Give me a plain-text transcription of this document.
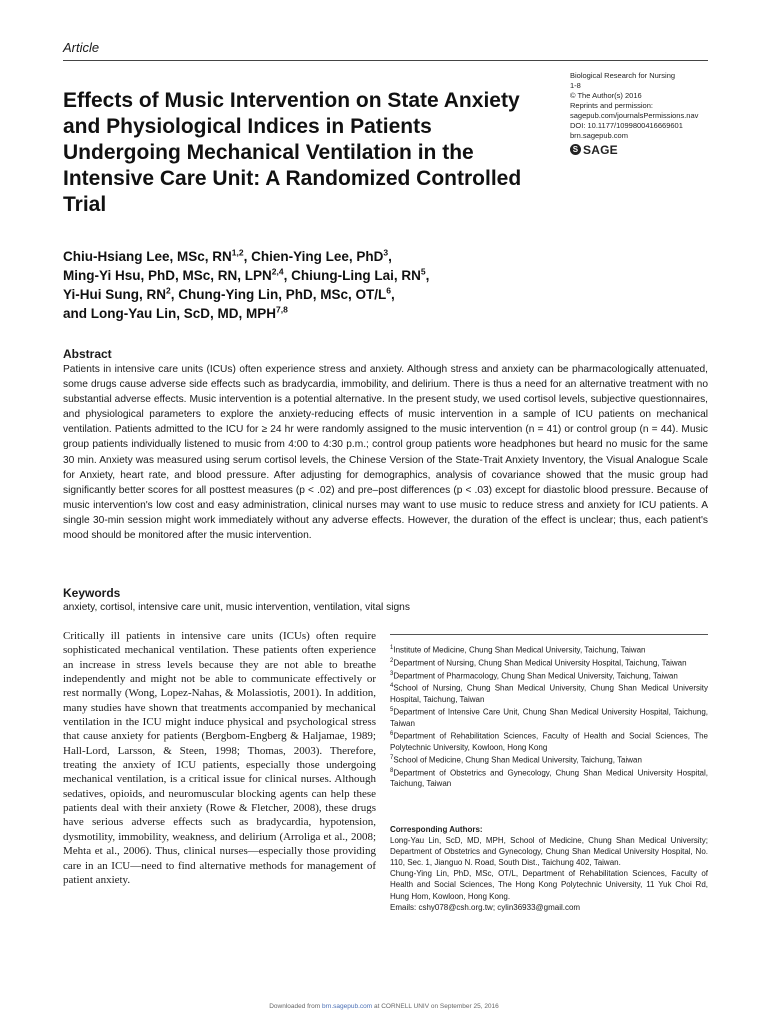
Article
Effects of Music Intervention on State Anxiety and Physiological Indices in Patients Undergoing Mechanical Ventilation in the Intensive Care Unit: A Randomized Controlled Trial
Biological Research for Nursing
1-8
© The Author(s) 2016
Reprints and permission:
sagepub.com/journalsPermissions.nav
DOI: 10.1177/1099800416669601
brn.sagepub.com
S SAGE
Chiu-Hsiang Lee, MSc, RN$^{1,2}$, Chien-Ying Lee, PhD$^3$,
Ming-Yi Hsu, PhD, MSc, RN, LPN$^{2,4}$, Chiung-Ling Lai, $RN^5$,
Yi-Hui Sung, $RN^2$, Chung-Ying Lin, PhD, MSc, $OT/L^6$,
and Long-Yau Lin, ScD, MD, MPH$^{7,8}$
Abstract

Patients in intensive care units (ICUs) often experience stress and anxiety. Although stress and anxiety can be pharmacologically attenuated, some drugs cause adverse side effects such as bradycardia, immobility, and delirium. There is thus a need for an alternative treatment with no substantial adverse effects. Music intervention is a potential alternative. In the present study, we used cortisol levels, subjective questionnaires, and physiological parameters to explore the anxiety-reducing effects of music intervention in a sample of ICU patients on mechanical ventilation. Patients admitted to the ICU for ≥ 24 hr were randomly assigned to the music intervention (n = 41) or control group (n = 44). Music group patients individually listened to music from 4:00 to 4:30 p.m.; control group patients wore headphones but heard no music for the same 30 min. Anxiety was measured using serum cortisol levels, the Chinese Version of the State-Trait Anxiety Inventory, the Visual Analogue Scale for Anxiety, heart rate, and blood pressure. After adjusting for demographics, analysis of covariance showed that the music group had significantly better scores for all posttest measures (p < .02) and pre–post differences (p < .03) except for diastolic blood pressure. Because of music intervention's low cost and easy administration, clinical nurses may want to use music to reduce stress and anxiety for ICU patients. A single 30-min session might work immediately without any adverse effects. However, the duration of the effect is unclear; thus, each patient's mood should be monitored after the music intervention.

Keywords

anxiety, cortisol, intensive care unit, music intervention, ventilation, vital signs

Critically ill patients in intensive care units (ICUs) often require sophisticated mechanical ventilation. These patients often experience an increase in stress levels because they are not able to breathe independently and might not be able to communicate effectively or rest normally (Wong, Lopez-Nahas, & Molassiotis, 2001). In addition, many studies have shown that treatments accompanied by mechanical ventilation in the ICU might induce physical and psychological stress that cause anxiety for patients (Bergbom-Engberg & Haljamae, 1989; Hall-Lord, Larsson, & Steen, 1998; Thomas, 2003). Therefore, treating the anxiety of ICU patients, especially those undergoing mechanical ventilation, is a critical issue for clinical nurses. Although sedatives, opioids, and neuromuscular blocking agents can help these patients deal with their anxiety (Rowe & Fletcher, 2008), these drugs have serious adverse effects such as bradycardia, hypotension, dysmotility, immobility, weakness, and delirium (Arroliga et al., 2008; Mehta et al., 2006). Thus, clinical nurses—especially those providing care in an ICU—need to find alternative methods for management of patient anxiety.

$^1$Institute of Medicine, Chung Shan Medical University, Taichung, Taiwan

$^2$Department of Nursing, Chung Shan Medical University Hospital, Taichung, Taiwan

$^3$Department of Pharmacology, Chung Shan Medical University, Taichung, Taiwan

$^4$School of Nursing, Chung Shan Medical University, Chung Shan Medical University Hospital, Taichung, Taiwan

$^5$Department of Intensive Care Unit, Chung Shan Medical University Hospital, Taichung, Taiwan

$^6$Department of Rehabilitation Sciences, Faculty of Health and Social Sciences, The Polytechnic University, Kowloon, Hong Kong

$^7$School of Medicine, Chung Shan Medical University, Taichung, Taiwan

$^8$Department of Obstetrics and Gynecology, Chung Shan Medical University Hospital, Taichung, Taiwan

Corresponding Authors:

Long-Yau Lin, ScD, MD, MPH, School of Medicine, Chung Shan Medical University; Department of Obstetrics and Gynecology, Chung Shan Medical University Hospital, No. 110, Sec. 1, Jianguo N. Road, South Dist., Taichung 402, Taiwan.

Chung-Ying Lin, PhD, MSc, OT/L, Department of Rehabilitation Sciences, Faculty of Health and Social Sciences, The Hong Kong Polytechnic University, 11 Yuk Choi Rd, Hung Hom, Kowloon, Hong Kong.

Emails: cshy078@csh.org.tw; cylin36933@gmail.com

Downloaded from brn.sagepub.com at CORNELL UNIV on September 25, 2016
